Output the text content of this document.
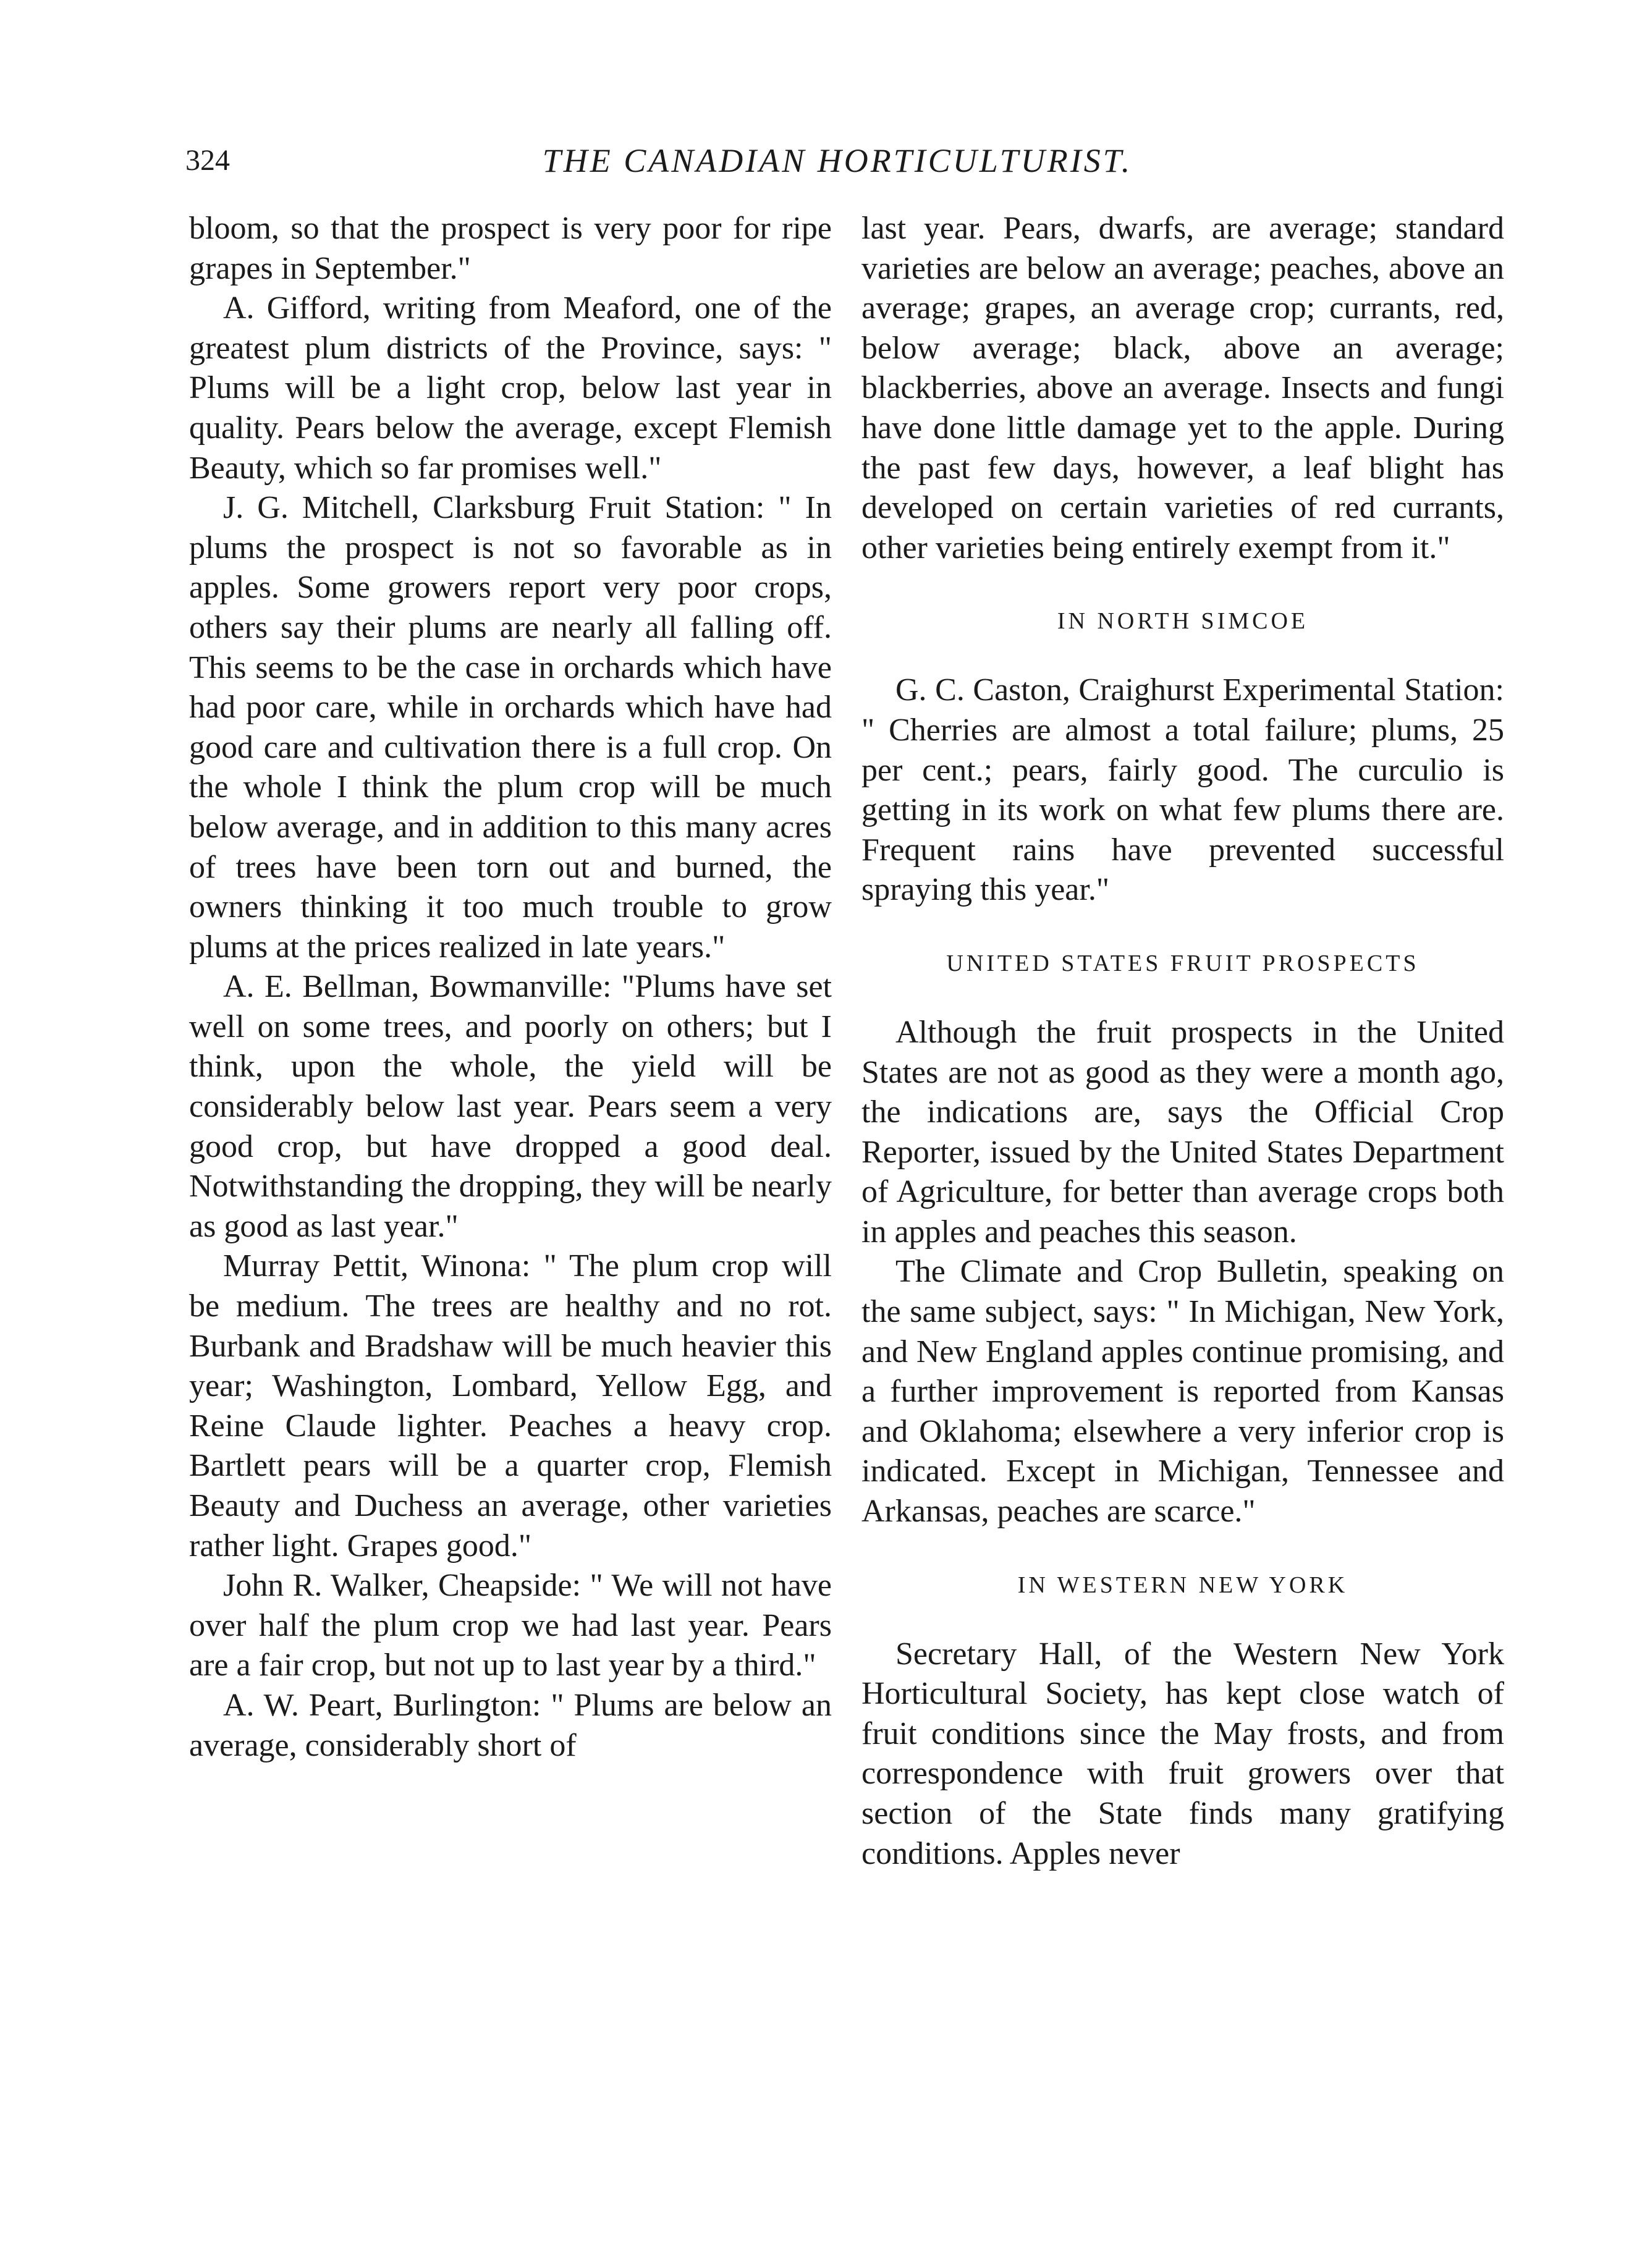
324	THE CANADIAN HORTICULTURIST.

bloom, so that the prospect is very poor for ripe grapes in September."

A. Gifford, writing from Meaford, one of the greatest plum districts of the Province, says: " Plums will be a light crop, below last year in quality. Pears below the average, except Flemish Beauty, which so far promises well."

J. G. Mitchell, Clarksburg Fruit Station: " In plums the prospect is not so favorable as in apples. Some growers report very poor crops, others say their plums are nearly all falling off. This seems to be the case in orchards which have had poor care, while in orchards which have had good care and cultivation there is a full crop. On the whole I think the plum crop will be much below average, and in addition to this many acres of trees have been torn out and burned, the owners thinking it too much trouble to grow plums at the prices realized in late years."

A. E. Bellman, Bowmanville: "Plums have set well on some trees, and poorly on others; but I think, upon the whole, the yield will be considerably below last year. Pears seem a very good crop, but have dropped a good deal. Notwithstanding the dropping, they will be nearly as good as last year."

Murray Pettit, Winona: " The plum crop will be medium. The trees are healthy and no rot. Burbank and Bradshaw will be much heavier this year; Washington, Lombard, Yellow Egg, and Reine Claude lighter. Peaches a heavy crop. Bartlett pears will be a quarter crop, Flemish Beauty and Duchess an average, other varieties rather light. Grapes good."

John R. Walker, Cheapside: " We will not have over half the plum crop we had last year. Pears are a fair crop, but not up to last year by a third."

A. W. Peart, Burlington: " Plums are below an average, considerably short of

last year. Pears, dwarfs, are average; standard varieties are below an average; peaches, above an average; grapes, an average crop; currants, red, below average; black, above an average; blackberries, above an average. Insects and fungi have done little damage yet to the apple. During the past few days, however, a leaf blight has developed on certain varieties of red currants, other varieties being entirely exempt from it."

IN NORTH SIMCOE

G. C. Caston, Craighurst Experimental Station: " Cherries are almost a total failure; plums, 25 per cent.; pears, fairly good. The curculio is getting in its work on what few plums there are. Frequent rains have prevented successful spraying this year."

UNITED STATES FRUIT PROSPECTS

Although the fruit prospects in the United States are not as good as they were a month ago, the indications are, says the Official Crop Reporter, issued by the United States Department of Agriculture, for better than average crops both in apples and peaches this season.

The Climate and Crop Bulletin, speaking on the same subject, says: " In Michigan, New York, and New England apples continue promising, and a further improvement is reported from Kansas and Oklahoma; elsewhere a very inferior crop is indicated. Except in Michigan, Tennessee and Arkansas, peaches are scarce."

IN WESTERN NEW YORK

Secretary Hall, of the Western New York Horticultural Society, has kept close watch of fruit conditions since the May frosts, and from correspondence with fruit growers over that section of the State finds many gratifying conditions. Apples never
